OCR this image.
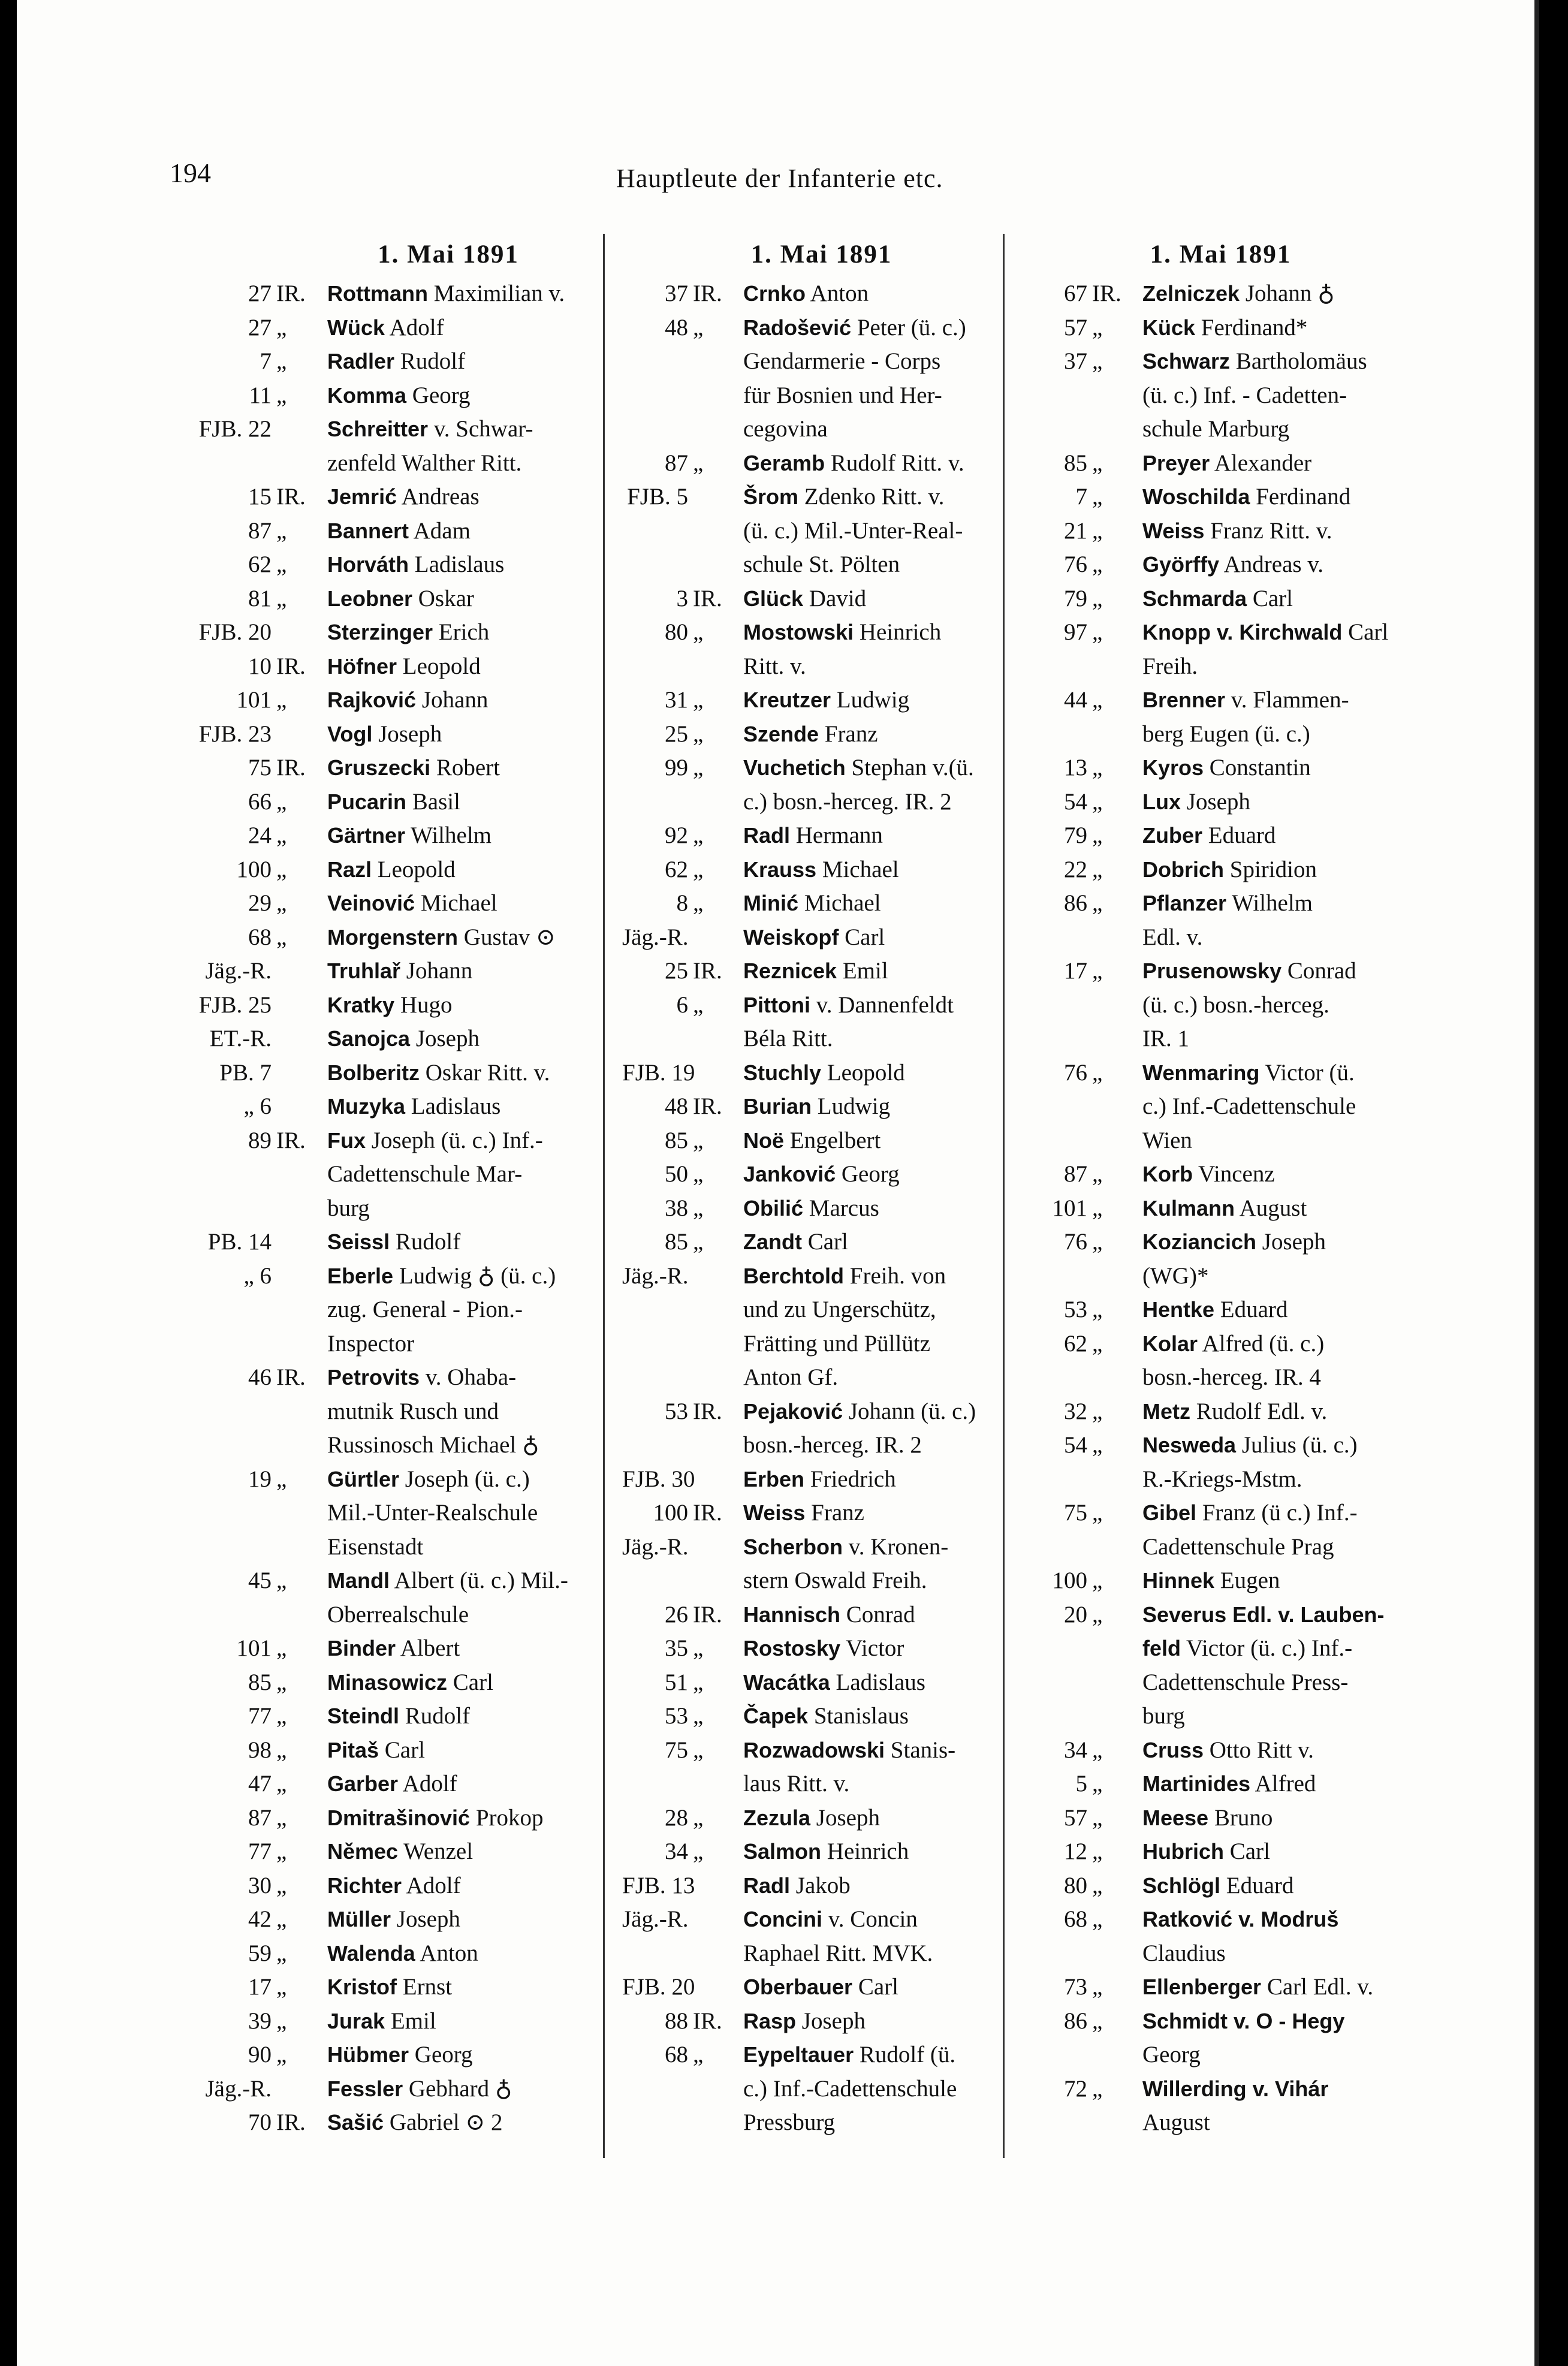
194	Hauptleute der Infanterie etc.
1. Mai 1891
27 IR.	Rottmann Maximilian v.
27 „	Wück Adolf
7 „	Radler Rudolf
11 „	Komma Georg
FJB. 22	Schreitter v. Schwar-
zenfeld Walther Ritt.
15 IR.	Jemrić Andreas
87 „	Bannert Adam
62 „	Horváth Ladislaus
81 „	Leobner Oskar
FJB. 20	Sterzinger Erich
10 IR.	Höfner Leopold
101 „	Rajković Johann
FJB. 23	Vogl Joseph
75 IR.	Gruszecki Robert
66 „	Pucarin Basil
24 „	Gärtner Wilhelm
100 „	Razl Leopold
29 „	Veinović Michael
68 „	Morgenstern Gustav ⊙
Jäg.-R.	Truhlař Johann
FJB. 25	Kratky Hugo
ET.-R.	Sanojca Joseph
PB. 7	Bolberitz Oskar Ritt. v.
„ 6	Muzyka Ladislaus
89 IR.	Fux Joseph (ü. c.) Inf.-
Cadettenschule Mar-
burg
PB. 14	Seissl Rudolf
„ 6	Eberle Ludwig ♁ (ü. c.)
zug. General - Pion.-
Inspector
46 IR.	Petrovits v. Ohaba-
mutnik Rusch und
Russinosch Michael ♁
19 „	Gürtler Joseph (ü. c.)
Mil.-Unter-Realschule
Eisenstadt
45 „	Mandl Albert (ü. c.) Mil.-
Oberrealschule
101 „	Binder Albert
85 „	Minasowicz Carl
77 „	Steindl Rudolf
98 „	Pitaš Carl
47 „	Garber Adolf
87 „	Dmitrašinović Prokop
77 „	Němec Wenzel
30 „	Richter Adolf
42 „	Müller Joseph
59 „	Walenda Anton
17 „	Kristof Ernst
39 „	Jurak Emil
90 „	Hübmer Georg
Jäg.-R.	Fessler Gebhard ♁
70 IR.	Sašić Gabriel ⊙ 2
1. Mai 1891
37 IR. Crnko Anton
48 „	Radošević Peter (ü. c.)
Gendarmerie - Corps
für Bosnien und Her-
cegovina
87 „	Geramb Rudolf Ritt. v.
FJB. 5	Šrom Zdenko Ritt. v.
(ü. c.) Mil.-Unter-Real-
schule St. Pölten
3 IR. Glück David
80 „	Mostowski Heinrich
Ritt. v.
31 „	Kreutzer Ludwig
25 „	Szende Franz
99 „	Vuchetich Stephan v.(ü.
c.) bosn.-herceg. IR. 2
92 „	Radl Hermann
62 „	Krauss Michael
8 „	Minić Michael
Jäg.-R.	Weiskopf Carl
25 IR. Reznicek Emil
6 „	Pittoni v. Dannenfeldt
Béla Ritt.
FJB. 19 Stuchly Leopold
48 IR. Burian Ludwig
85 „	Noë Engelbert
50 „	Janković Georg
38 „	Obilić Marcus
85 „	Zandt Carl
Jäg.-R.	Berchtold Freih. von
und zu Ungerschütz,
Frätting und Püllütz
Anton Gf.
53 IR. Pejaković Johann (ü. c.)
bosn.-herceg. IR. 2
FJB. 30 Erben Friedrich
100 IR. Weiss Franz
Jäg.-R.	Scherbon v. Kronen-
stern Oswald Freih.
26 IR. Hannisch Conrad
35 „	Rostosky Victor
51 „	Wacátka Ladislaus
53 „	Čapek Stanislaus
75 „	Rozwadowski Stanis-
laus Ritt. v.
28 „	Zezula Joseph
34 „	Salmon Heinrich
FJB. 13 Radl Jakob
Jäg.-R.	Concini v. Concin
Raphael Ritt. MVK.
FJB. 20 Oberbauer Carl
88 IR. Rasp Joseph
68 „	Eypeltauer Rudolf (ü.
c.) Inf.-Cadettenschule
Pressburg
1. Mai 1891
67 IR. Zelniczek Johann ♁
57 „	Kück Ferdinand*
37 „	Schwarz Bartholomäus
(ü. c.) Inf. - Cadetten-
schule Marburg
85 „	Preyer Alexander
7 „	Woschilda Ferdinand
21 „	Weiss Franz Ritt. v.
76 „	Györffy Andreas v.
79 „	Schmarda Carl
97 „	Knopp v. Kirchwald Carl
Freih.
44 „	Brenner v. Flammen-
berg Eugen (ü. c.)
13 „	Kyros Constantin
54 „	Lux Joseph
79 „	Zuber Eduard
22 „	Dobrich Spiridion
86 „	Pflanzer Wilhelm
Edl. v.
17 „	Prusenowsky Conrad
(ü. c.) bosn.-herceg.
IR. 1
76 „	Wenmaring Victor (ü.
c.) Inf.-Cadettenschule
Wien
87 „	Korb Vincenz
101 „	Kulmann August
76 „	Koziancich Joseph
(WG)*
53 „	Hentke Eduard
62 „	Kolar Alfred (ü. c.)
bosn.-herceg. IR. 4
32 „	Metz Rudolf Edl. v.
54 „	Nesweda Julius (ü. c.)
R.-Kriegs-Mstm.
75 „	Gibel Franz (ü c.) Inf.-
Cadettenschule Prag
100 „	Hinnek Eugen
20 „	Severus Edl. v. Lauben-
feld Victor (ü. c.) Inf.-
Cadettenschule Press-
burg
34 „	Cruss Otto Ritt v.
5 „	Martinides Alfred
57 „	Meese Bruno
12 „	Hubrich Carl
80 „	Schlögl Eduard
68 „	Ratković v. Modruš
Claudius
73 „	Ellenberger Carl Edl. v.
86 „	Schmidt v. O - Hegy
Georg
72 „	Willerding v. Vihár
August
